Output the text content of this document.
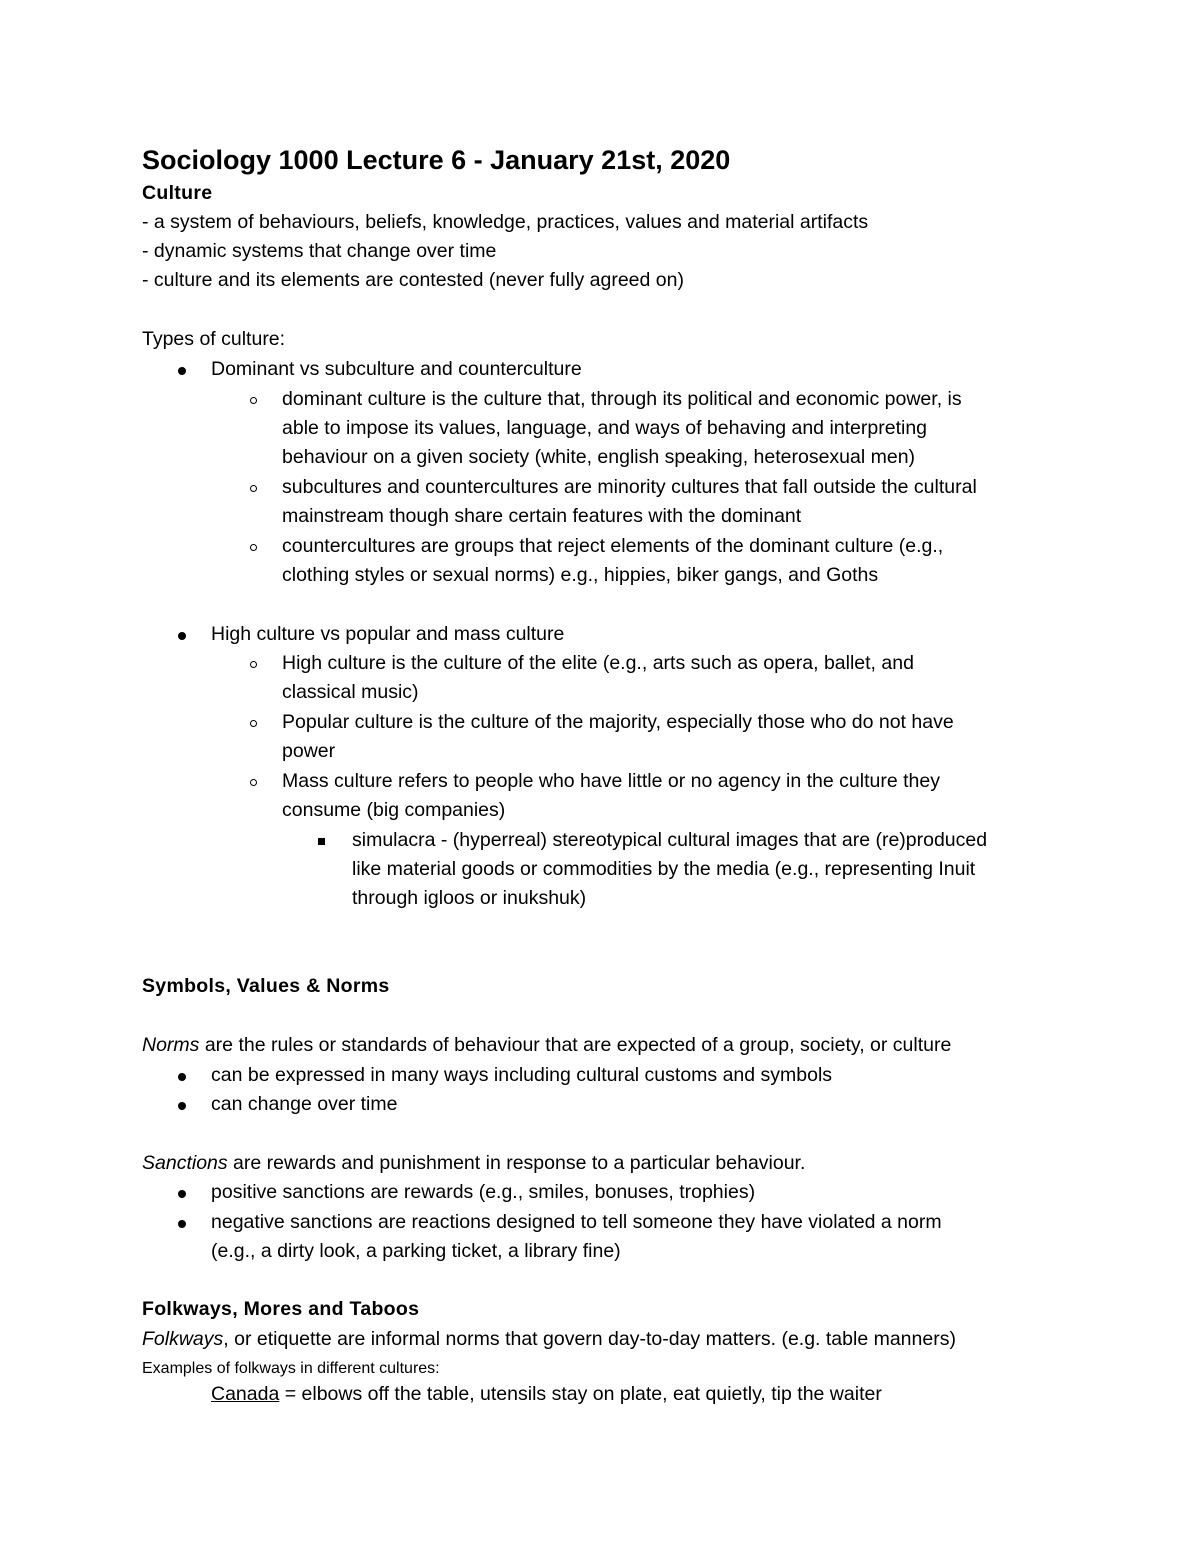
Sociology 1000 Lecture 6 - January 21st, 2020
Culture
- a system of behaviours, beliefs, knowledge, practices, values and material artifacts
- dynamic systems that change over time
- culture and its elements are contested (never fully agreed on)
Types of culture:
Dominant vs subculture and counterculture
dominant culture is the culture that, through its political and economic power, is
able to impose its values, language, and ways of behaving and interpreting
behaviour on a given society (white, english speaking, heterosexual men)
subcultures and countercultures are minority cultures that fall outside the cultural
mainstream though share certain features with the dominant
countercultures are groups that reject elements of the dominant culture (e.g.,
clothing styles or sexual norms) e.g., hippies, biker gangs, and Goths
High culture vs popular and mass culture
High culture is the culture of the elite (e.g., arts such as opera, ballet, and
classical music)
Popular culture is the culture of the majority, especially those who do not have
power
Mass culture refers to people who have little or no agency in the culture they
consume (big companies)
simulacra - (hyperreal) stereotypical cultural images that are (re)produced
like material goods or commodities by the media (e.g., representing Inuit
through igloos or inukshuk)
Symbols, Values & Norms
Norms are the rules or standards of behaviour that are expected of a group, society, or culture
can be expressed in many ways including cultural customs and symbols
can change over time
Sanctions are rewards and punishment in response to a particular behaviour.
positive sanctions are rewards (e.g., smiles, bonuses, trophies)
negative sanctions are reactions designed to tell someone they have violated a norm
(e.g., a dirty look, a parking ticket, a library fine)
Folkways, Mores and Taboos
Folkways, or etiquette are informal norms that govern day-to-day matters. (e.g. table manners)
Examples of folkways in different cultures:
Canada = elbows off the table, utensils stay on plate, eat quietly, tip the waiter
